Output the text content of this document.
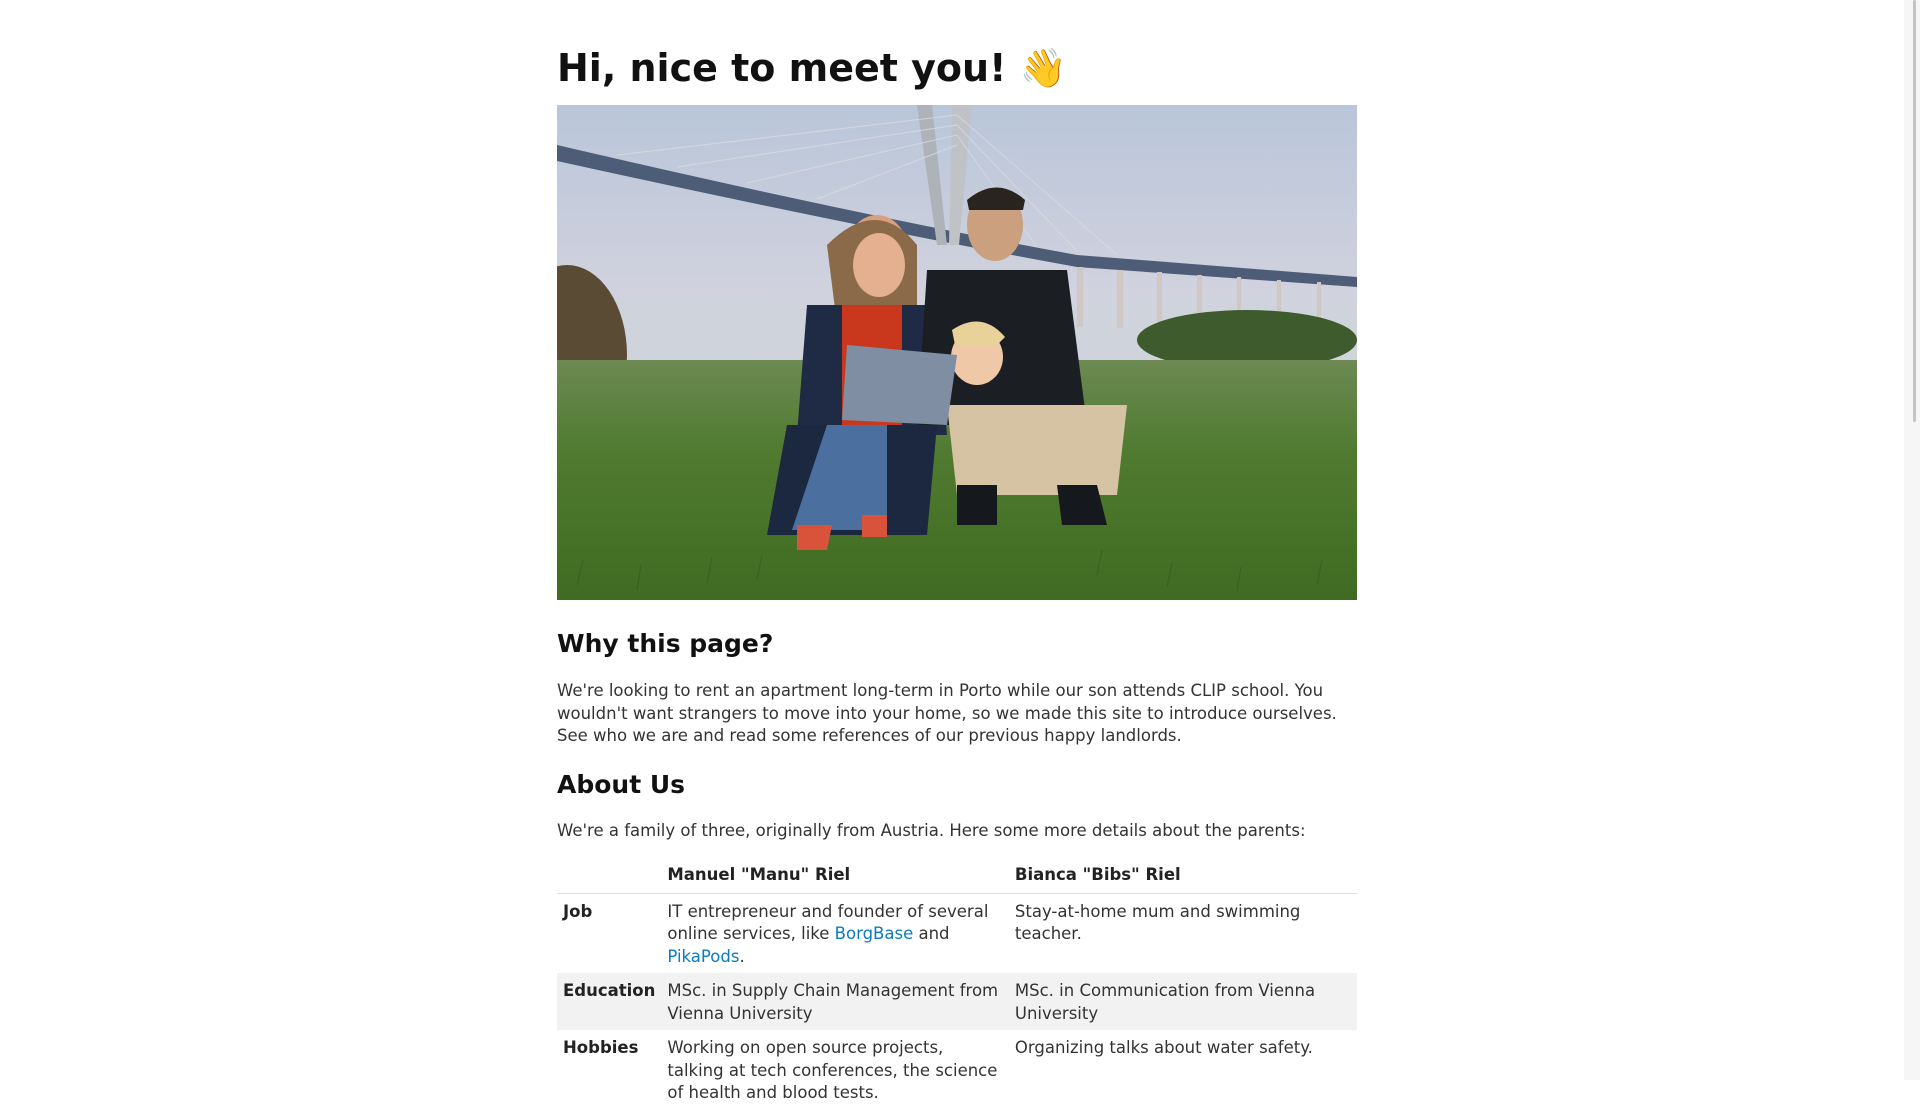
Hi, nice to meet you! 👋
Why this page?

We're looking to rent an apartment long-term in Porto while our son attends CLIP school. You wouldn't want strangers to move into your home, so we made this site to introduce ourselves. See who we are and read some references of our previous happy landlords.

About Us

We're a family of three, originally from Austria. Here some more details about the parents:

	Manuel "Manu" Riel	Bianca "Bibs" Riel
Job	IT entrepreneur and founder of several online services, like BorgBase and PikaPods.	Stay-at-home mum and swimming teacher.
Education	MSc. in Supply Chain Management from Vienna University	MSc. in Communication from Vienna University
Hobbies	Working on open source projects, talking at tech conferences, the science of health and blood tests.	Organizing talks about water safety.
